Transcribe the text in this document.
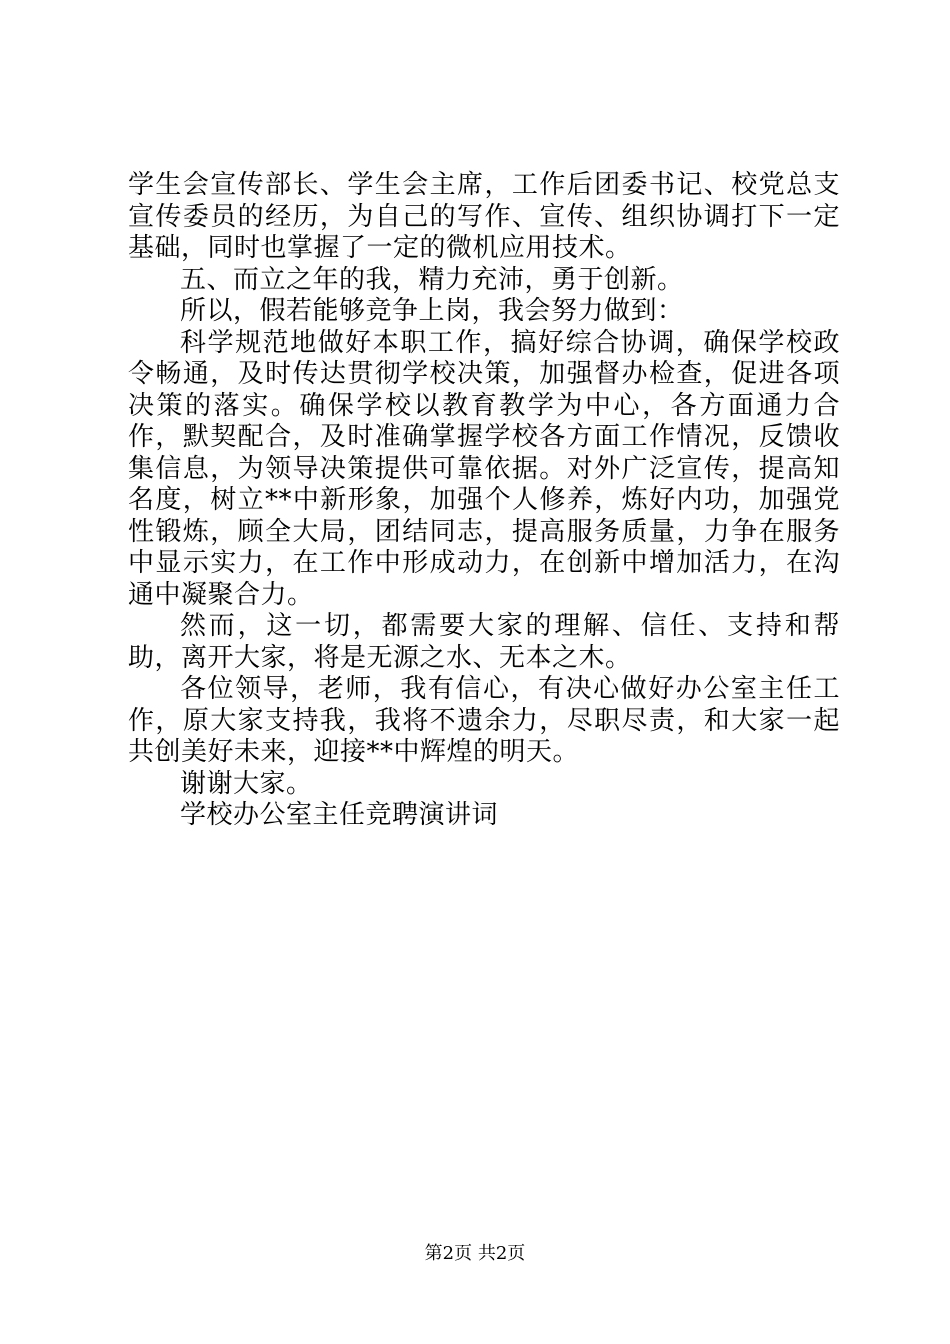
学生会宣传部长、学生会主席，工作后团委书记、校党总支宣传委员的经历，为自己的写作、宣传、组织协调打下一定基础，同时也掌握了一定的微机应用技术。

五、而立之年的我，精力充沛，勇于创新。

所以，假若能够竞争上岗，我会努力做到：

科学规范地做好本职工作，搞好综合协调，确保学校政令畅通，及时传达贯彻学校决策，加强督办检查，促进各项决策的落实。确保学校以教育教学为中心，各方面通力合作，默契配合，及时准确掌握学校各方面工作情况，反馈收集信息，为领导决策提供可靠依据。对外广泛宣传，提高知名度，树立**中新形象，加强个人修养，炼好内功，加强党性锻炼，顾全大局，团结同志，提高服务质量，力争在服务中显示实力，在工作中形成动力，在创新中增加活力，在沟通中凝聚合力。

然而，这一切，都需要大家的理解、信任、支持和帮助，离开大家，将是无源之水、无本之木。

各位领导，老师，我有信心，有决心做好办公室主任工作，原大家支持我，我将不遗余力，尽职尽责，和大家一起共创美好未来，迎接**中辉煌的明天。

谢谢大家。

学校办公室主任竞聘演讲词

第2页 共2页
